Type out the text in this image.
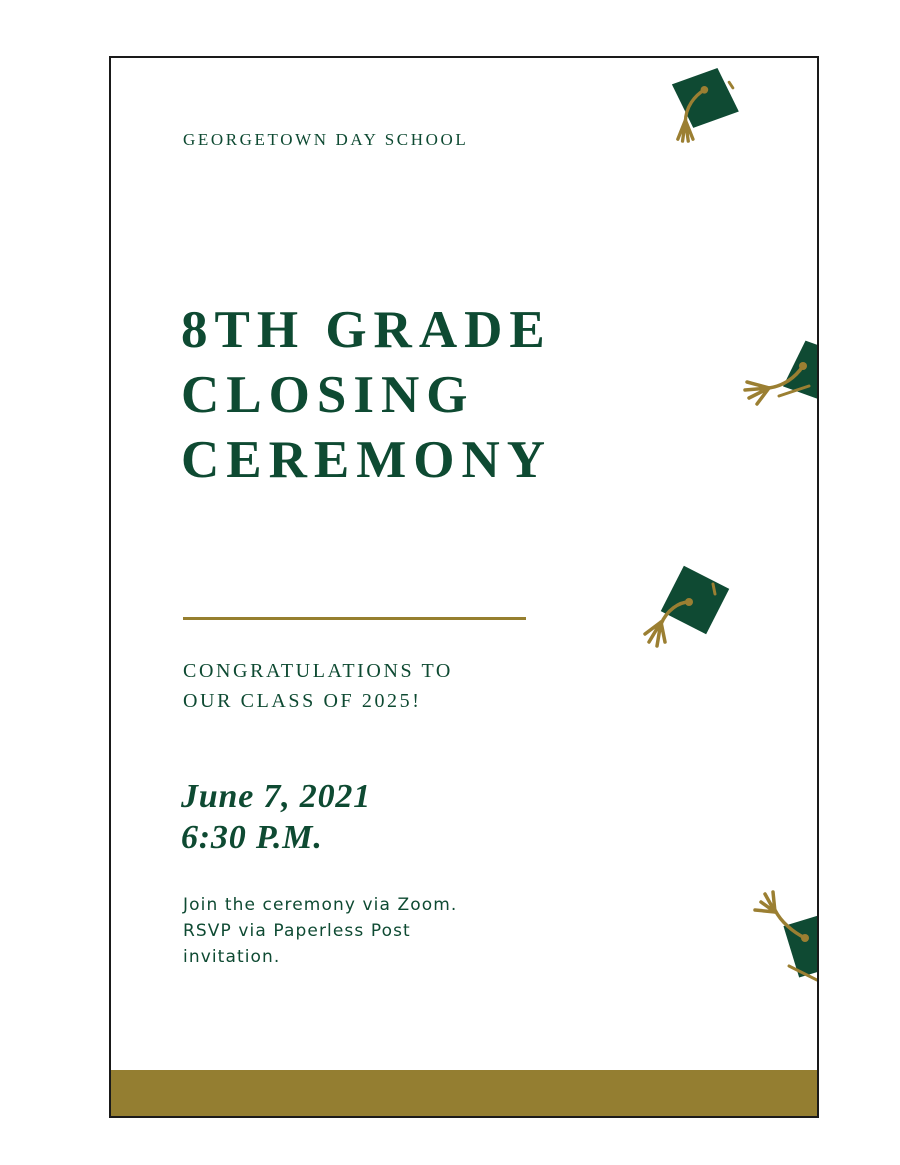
GEORGETOWN DAY SCHOOL
8TH GRADE
CLOSING
CEREMONY
CONGRATULATIONS TO
OUR CLASS OF 2025!
June 7, 2021
6:30 P.M.
Join the ceremony via Zoom.
RSVP via Paperless Post
invitation.
